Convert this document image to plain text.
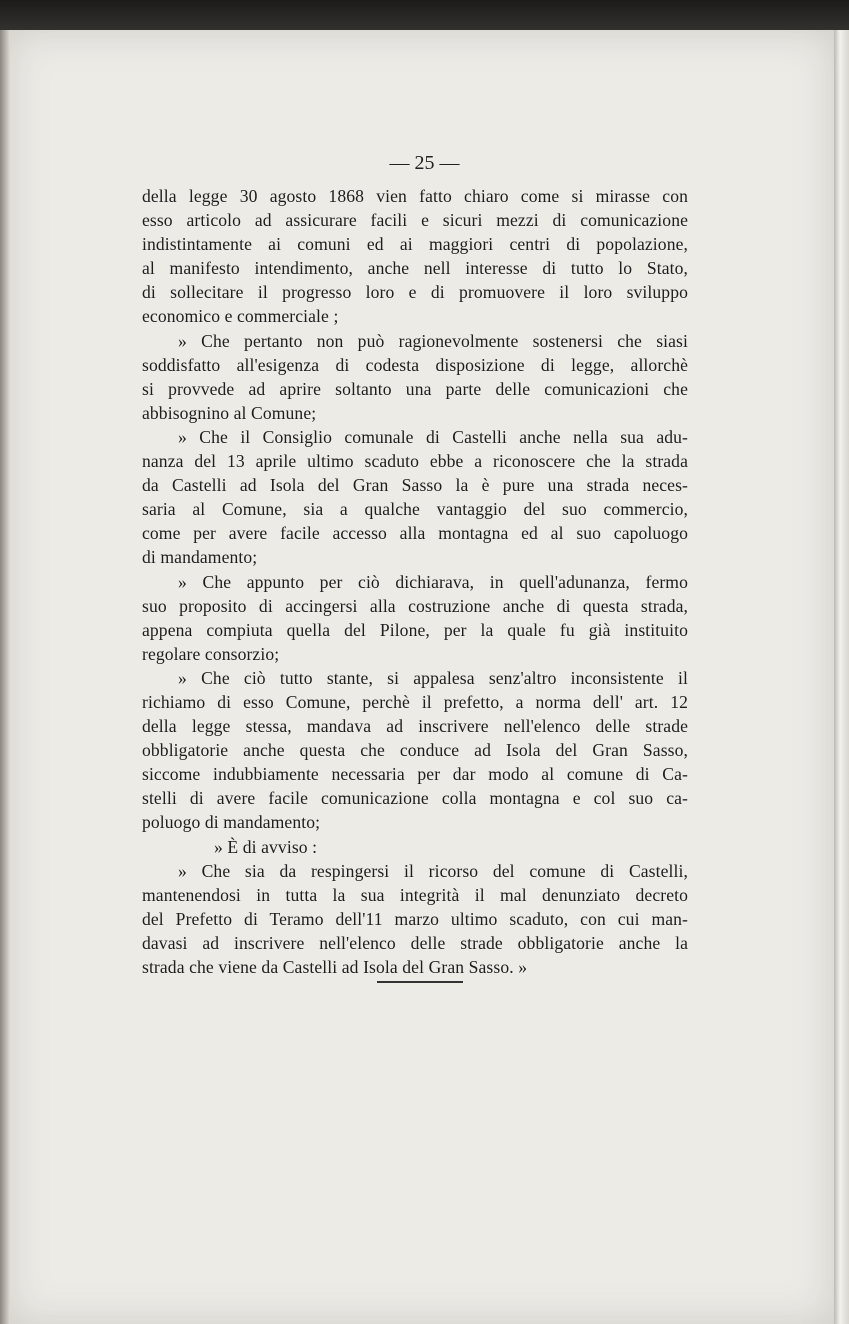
— 25 —
della legge 30 agosto 1868 vien fatto chiaro come si mirasse con
esso articolo ad assicurare facili e sicuri mezzi di comunicazione
indistintamente ai comuni ed ai maggiori centri di popolazione,
al manifesto intendimento, anche nell interesse di tutto lo Stato,
di sollecitare il progresso loro e di promuovere il loro sviluppo
economico e commerciale ;
» Che pertanto non può ragionevolmente sostenersi che siasi
soddisfatto all'esigenza di codesta disposizione di legge, allorchè
si provvede ad aprire soltanto una parte delle comunicazioni che
abbisognino al Comune;
» Che il Consiglio comunale di Castelli anche nella sua adu-
nanza del 13 aprile ultimo scaduto ebbe a riconoscere che la strada
da Castelli ad Isola del Gran Sasso la è pure una strada neces-
saria al Comune, sia a qualche vantaggio del suo commercio,
come per avere facile accesso alla montagna ed al suo capoluogo
di mandamento;
» Che appunto per ciò dichiarava, in quell'adunanza, fermo
suo proposito di accingersi alla costruzione anche di questa strada,
appena compiuta quella del Pilone, per la quale fu già instituito
regolare consorzio;
» Che ciò tutto stante, si appalesa senz'altro inconsistente il
richiamo di esso Comune, perchè il prefetto, a norma dell' art. 12
della legge stessa, mandava ad inscrivere nell'elenco delle strade
obbligatorie anche questa che conduce ad Isola del Gran Sasso,
siccome indubbiamente necessaria per dar modo al comune di Ca-
stelli di avere facile comunicazione colla montagna e col suo ca-
poluogo di mandamento;
» È di avviso :
» Che sia da respingersi il ricorso del comune di Castelli,
mantenendosi in tutta la sua integrità il mal denunziato decreto
del Prefetto di Teramo dell'11 marzo ultimo scaduto, con cui man-
davasi ad inscrivere nell'elenco delle strade obbligatorie anche la
strada che viene da Castelli ad Isola del Gran Sasso. »
